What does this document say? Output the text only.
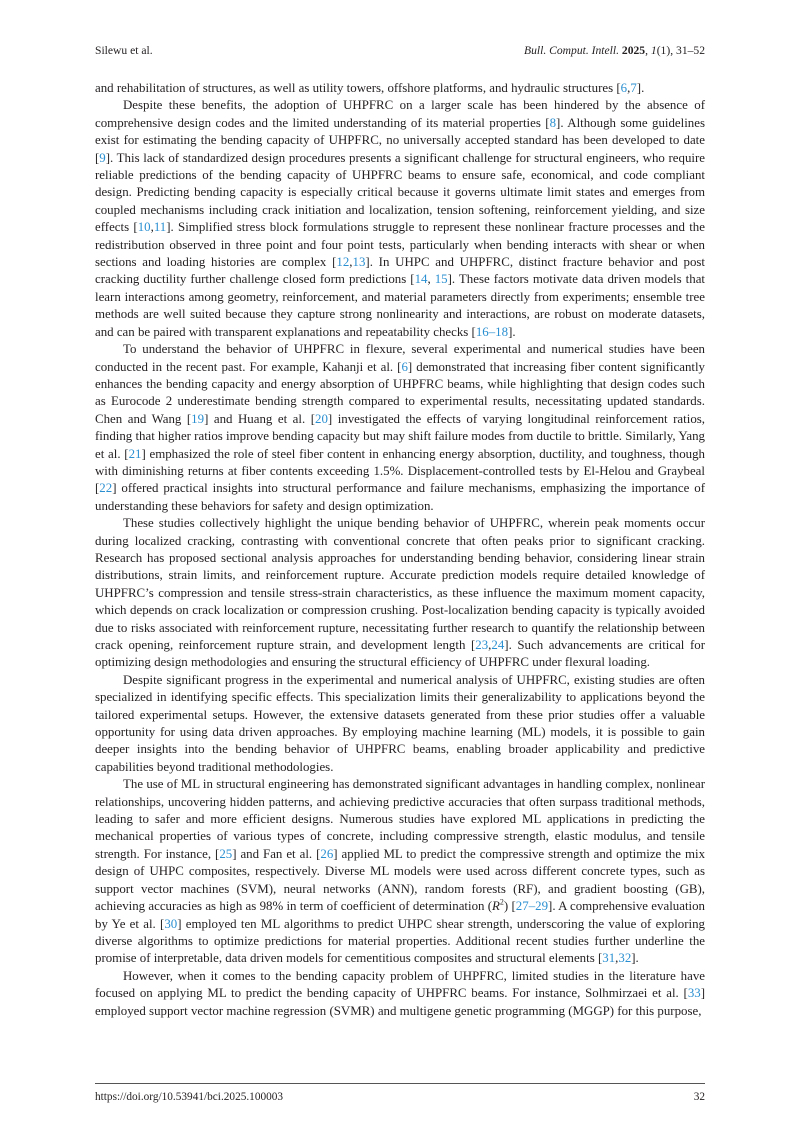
Silewu et al.	Bull. Comput. Intell. 2025, 1(1), 31–52

and rehabilitation of structures, as well as utility towers, offshore platforms, and hydraulic structures [6,7].

Despite these benefits, the adoption of UHPFRC on a larger scale has been hindered by the absence of comprehensive design codes and the limited understanding of its material properties [8]. Although some guidelines exist for estimating the bending capacity of UHPFRC, no universally accepted standard has been developed to date [9]. This lack of standardized design procedures presents a significant challenge for structural engineers, who require reliable predictions of the bending capacity of UHPFRC beams to ensure safe, economical, and code compliant design. Predicting bending capacity is especially critical because it governs ultimate limit states and emerges from coupled mechanisms including crack initiation and localization, tension softening, reinforcement yielding, and size effects [10,11]. Simplified stress block formulations struggle to represent these nonlinear fracture processes and the redistribution observed in three point and four point tests, particularly when bending interacts with shear or when sections and loading histories are complex [12,13]. In UHPC and UHPFRC, distinct fracture behavior and post cracking ductility further challenge closed form predictions [14, 15]. These factors motivate data driven models that learn interactions among geometry, reinforcement, and material parameters directly from experiments; ensemble tree methods are well suited because they capture strong nonlinearity and interactions, are robust on moderate datasets, and can be paired with transparent explanations and repeatability checks [16–18].

To understand the behavior of UHPFRC in flexure, several experimental and numerical studies have been conducted in the recent past. For example, Kahanji et al. [6] demonstrated that increasing fiber content significantly enhances the bending capacity and energy absorption of UHPFRC beams, while highlighting that design codes such as Eurocode 2 underestimate bending strength compared to experimental results, necessitating updated standards. Chen and Wang [19] and Huang et al. [20] investigated the effects of varying longitudinal reinforcement ratios, finding that higher ratios improve bending capacity but may shift failure modes from ductile to brittle. Similarly, Yang et al. [21] emphasized the role of steel fiber content in enhancing energy absorption, ductility, and toughness, though with diminishing returns at fiber contents exceeding 1.5%. Displacement-controlled tests by El-Helou and Graybeal [22] offered practical insights into structural performance and failure mechanisms, emphasizing the importance of understanding these behaviors for safety and design optimization.

These studies collectively highlight the unique bending behavior of UHPFRC, wherein peak moments occur during localized cracking, contrasting with conventional concrete that often peaks prior to significant cracking. Research has proposed sectional analysis approaches for understanding bending behavior, considering linear strain distributions, strain limits, and reinforcement rupture. Accurate prediction models require detailed knowledge of UHPFRC’s compression and tensile stress-strain characteristics, as these influence the maximum moment capacity, which depends on crack localization or compression crushing. Post-localization bending capacity is typically avoided due to risks associated with reinforcement rupture, necessitating further research to quantify the relationship between crack opening, reinforcement rupture strain, and development length [23,24]. Such advancements are critical for optimizing design methodologies and ensuring the structural efficiency of UHPFRC under flexural loading.

Despite significant progress in the experimental and numerical analysis of UHPFRC, existing studies are often specialized in identifying specific effects. This specialization limits their generalizability to applications beyond the tailored experimental setups. However, the extensive datasets generated from these prior studies offer a valuable opportunity for using data driven approaches. By employing machine learning (ML) models, it is possible to gain deeper insights into the bending behavior of UHPFRC beams, enabling broader applicability and predictive capabilities beyond traditional methodologies.

The use of ML in structural engineering has demonstrated significant advantages in handling complex, nonlinear relationships, uncovering hidden patterns, and achieving predictive accuracies that often surpass traditional methods, leading to safer and more efficient designs. Numerous studies have explored ML applications in predicting the mechanical properties of various types of concrete, including compressive strength, elastic modulus, and tensile strength. For instance, [25] and Fan et al. [26] applied ML to predict the compressive strength and optimize the mix design of UHPC composites, respectively. Diverse ML models were used across different concrete types, such as support vector machines (SVM), neural networks (ANN), random forests (RF), and gradient boosting (GB), achieving accuracies as high as 98% in term of coefficient of determination $(R^2)$ [27–29]. A comprehensive evaluation by Ye et al. [30] employed ten ML algorithms to predict UHPC shear strength, underscoring the value of exploring diverse algorithms to optimize predictions for material properties. Additional recent studies further underline the promise of interpretable, data driven models for cementitious composites and structural elements [31,32].

However, when it comes to the bending capacity problem of UHPFRC, limited studies in the literature have focused on applying ML to predict the bending capacity of UHPFRC beams. For instance, Solhmirzaei et al. [33] employed support vector machine regression (SVMR) and multigene genetic programming (MGGP) for this purpose,

https://doi.org/10.53941/bci.2025.100003	32
